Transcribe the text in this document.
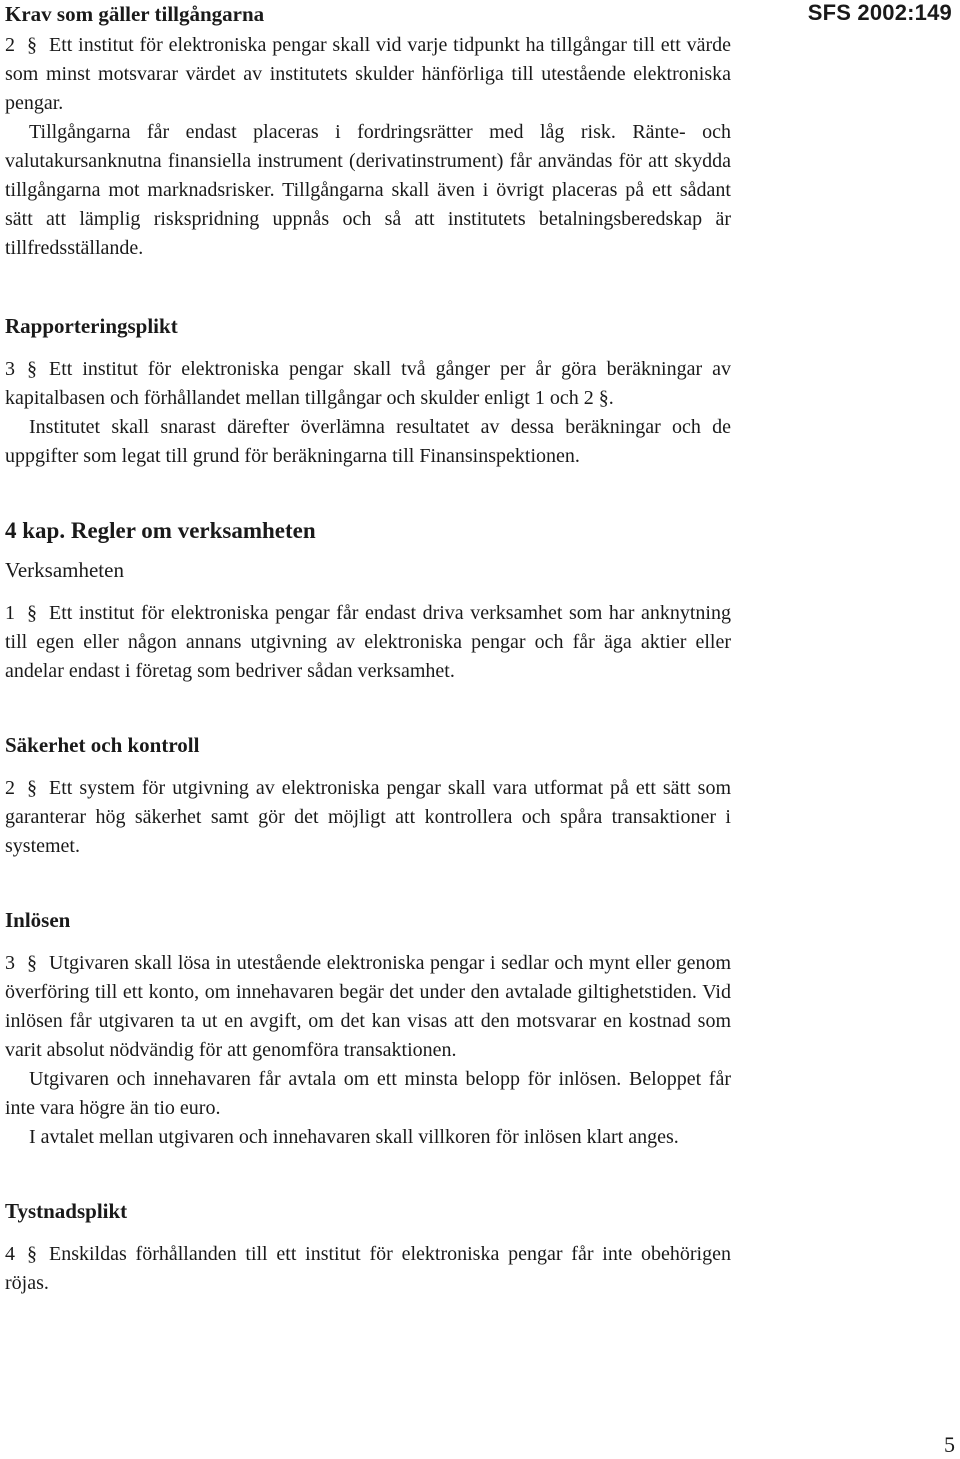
SFS 2002:149
Krav som gäller tillgångarna

2 § Ett institut för elektroniska pengar skall vid varje tidpunkt ha tillgångar till ett värde som minst motsvarar värdet av institutets skulder hänförliga till utestående elektroniska pengar.

Tillgångarna får endast placeras i fordringsrätter med låg risk. Ränte- och valutakursanknutna finansiella instrument (derivatinstrument) får användas för att skydda tillgångarna mot marknadsrisker. Tillgångarna skall även i övrigt placeras på ett sådant sätt att lämplig riskspridning uppnås och så att institutets betalningsberedskap är tillfredsställande.

Rapporteringsplikt

3 § Ett institut för elektroniska pengar skall två gånger per år göra beräkningar av kapitalbasen och förhållandet mellan tillgångar och skulder enligt 1 och 2 §.

Institutet skall snarast därefter överlämna resultatet av dessa beräkningar och de uppgifter som legat till grund för beräkningarna till Finansinspektionen.

4 kap. Regler om verksamheten
Verksamheten

1 § Ett institut för elektroniska pengar får endast driva verksamhet som har anknytning till egen eller någon annans utgivning av elektroniska pengar och får äga aktier eller andelar endast i företag som bedriver sådan verksamhet.

Säkerhet och kontroll

2 § Ett system för utgivning av elektroniska pengar skall vara utformat på ett sätt som garanterar hög säkerhet samt gör det möjligt att kontrollera och spåra transaktioner i systemet.

Inlösen

3 § Utgivaren skall lösa in utestående elektroniska pengar i sedlar och mynt eller genom överföring till ett konto, om innehavaren begär det under den avtalade giltighetstiden. Vid inlösen får utgivaren ta ut en avgift, om det kan visas att den motsvarar en kostnad som varit absolut nödvändig för att genomföra transaktionen.

Utgivaren och innehavaren får avtala om ett minsta belopp för inlösen. Beloppet får inte vara högre än tio euro.

I avtalet mellan utgivaren och innehavaren skall villkoren för inlösen klart anges.

Tystnadsplikt

4 § Enskildas förhållanden till ett institut för elektroniska pengar får inte obehörigen röjas.

5
